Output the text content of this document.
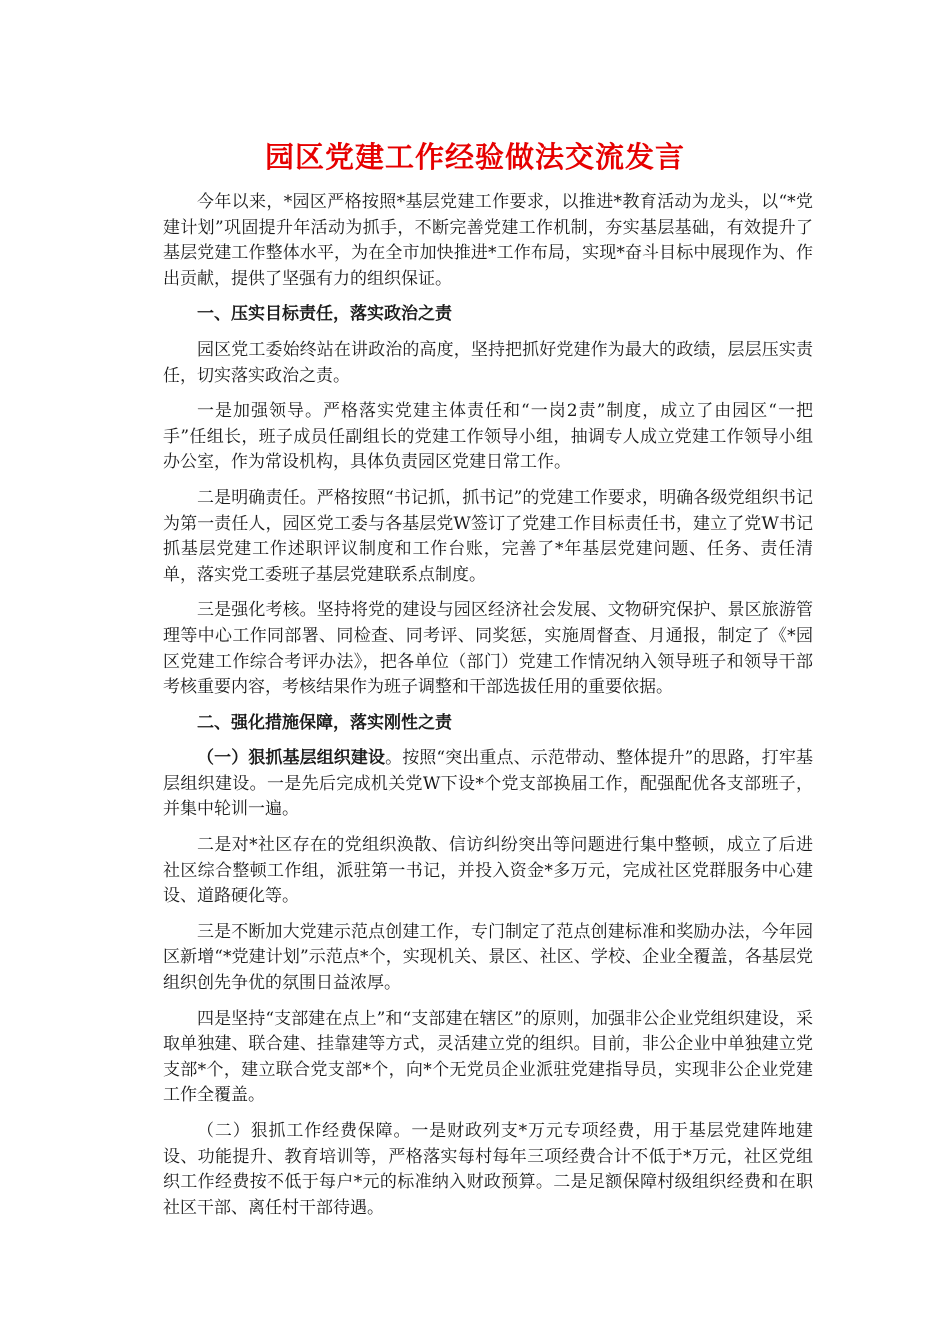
园区党建工作经验做法交流发言

今年以来，*园区严格按照*基层党建工作要求，以推进*教育活动为龙头，以“*党建计划”巩固提升年活动为抓手，不断完善党建工作机制，夯实基层基础，有效提升了基层党建工作整体水平，为在全市加快推进*工作布局，实现*奋斗目标中展现作为、作出贡献，提供了坚强有力的组织保证。

一、压实目标责任，落实政治之责

园区党工委始终站在讲政治的高度，坚持把抓好党建作为最大的政绩，层层压实责任，切实落实政治之责。

一是加强领导。严格落实党建主体责任和“一岗2责”制度，成立了由园区“一把手”任组长，班子成员任副组长的党建工作领导小组，抽调专人成立党建工作领导小组办公室，作为常设机构，具体负责园区党建日常工作。

二是明确责任。严格按照“书记抓，抓书记”的党建工作要求，明确各级党组织书记为第一责任人，园区党工委与各基层党W签订了党建工作目标责任书，建立了党W书记抓基层党建工作述职评议制度和工作台账，完善了*年基层党建问题、任务、责任清单，落实党工委班子基层党建联系点制度。

三是强化考核。坚持将党的建设与园区经济社会发展、文物研究保护、景区旅游管理等中心工作同部署、同检查、同考评、同奖惩，实施周督查、月通报，制定了《*园区党建工作综合考评办法》，把各单位（部门）党建工作情况纳入领导班子和领导干部考核重要内容，考核结果作为班子调整和干部选拔任用的重要依据。

二、强化措施保障，落实刚性之责

（一）狠抓基层组织建设。按照“突出重点、示范带动、整体提升”的思路，打牢基层组织建设。一是先后完成机关党W下设*个党支部换届工作，配强配优各支部班子，并集中轮训一遍。

二是对*社区存在的党组织涣散、信访纠纷突出等问题进行集中整顿，成立了后进社区综合整顿工作组，派驻第一书记，并投入资金*多万元，完成社区党群服务中心建设、道路硬化等。

三是不断加大党建示范点创建工作，专门制定了范点创建标准和奖励办法，今年园区新增“*党建计划”示范点*个，实现机关、景区、社区、学校、企业全覆盖，各基层党组织创先争优的氛围日益浓厚。

四是坚持“支部建在点上”和“支部建在辖区”的原则，加强非公企业党组织建设，采取单独建、联合建、挂靠建等方式，灵活建立党的组织。目前，非公企业中单独建立党支部*个，建立联合党支部*个，向*个无党员企业派驻党建指导员，实现非公企业党建工作全覆盖。

（二）狠抓工作经费保障。一是财政列支*万元专项经费，用于基层党建阵地建设、功能提升、教育培训等，严格落实每村每年三项经费合计不低于*万元，社区党组织工作经费按不低于每户*元的标准纳入财政预算。二是足额保障村级组织经费和在职社区干部、离任村干部待遇。
